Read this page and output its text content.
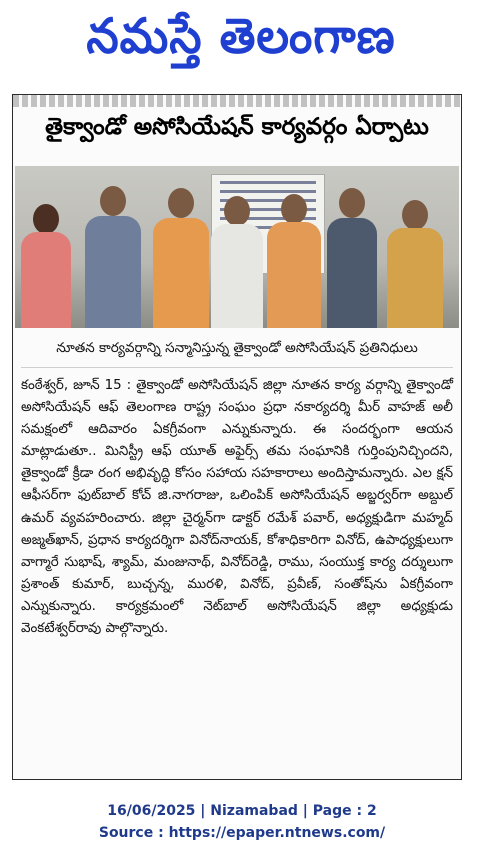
నమస్తే తెలంగాణ
తైక్వాండో అసోసియేషన్ కార్యవర్గం ఏర్పాటు
నూతన కార్యవర్గాన్ని సన్మానిస్తున్న తైక్వాండో అసోసియేషన్ ప్రతినిధులు
కంఠేశ్వర్, జూన్ 15 : తైక్వాండో అసోసియేషన్ జిల్లా నూతన కార్య వర్గాన్ని తైక్వాండో అసోసియేషన్ ఆఫ్ తెలంగాణ రాష్ట్ర సంఘం ప్రధా నకార్యదర్శి మీర్ వాహజ్ అలీ సమక్షంలో ఆదివారం ఏకగ్రీవంగా ఎన్నుకున్నారు. ఈ సందర్భంగా ఆయన మాట్లాడుతూ.. మినిస్ట్రీ ఆఫ్ యూత్ అఫైర్స్ తమ సంఘానికి గుర్తింపునిచ్చిందని, తైక్వాండో క్రీడా రంగ అభివృద్ధి కోసం సహాయ సహకారాలు అందిస్తామన్నారు. ఎల క్షన్ ఆఫీసర్‌గా ఫుట్‌బాల్ కోచ్ జి.నాగరాజు, ఒలింపిక్ అసోసియేషన్ అబ్జర్వర్‌గా అబ్దుల్ ఉమర్ వ్యవహరించారు. జిల్లా చైర్మన్‌గా డాక్టర్ రమేశ్ పవార్, అధ్యక్షుడిగా మహ్మద్ అజ్మత్‌ఖాన్, ప్రధాన కార్యదర్శిగా వినోద్‌నాయక్, కోశాధికారిగా వినోద్, ఉపాధ్యక్షులుగా వాగ్మారే సుభాష్, శ్యామ్, మంజునాథ్, వినోద్‌రెడ్డి, రాము, సంయుక్త కార్య దర్శులుగా ప్రశాంత్ కుమార్, బుచ్చన్న, మురళి, వినోద్, ప్రవీణ్, సంతోష్‌ను ఏకగ్రీవంగా ఎన్నుకున్నారు. కార్యక్రమంలో నెట్‌బాల్ అసోసియేషన్ జిల్లా అధ్యక్షుడు వెంకటేశ్వర్‌రావు పాల్గొన్నారు.
16/06/2025 | Nizamabad | Page : 2
Source : https://epaper.ntnews.com/
